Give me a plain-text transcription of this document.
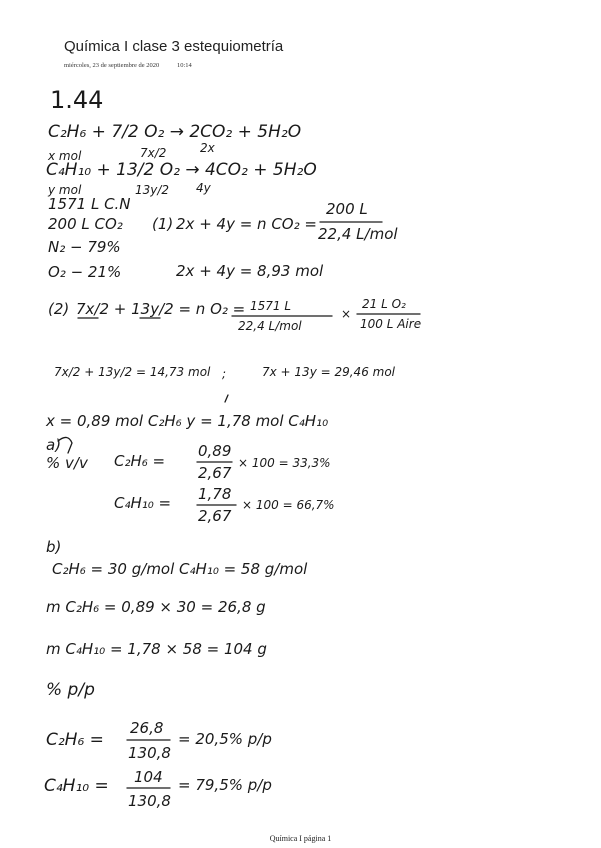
Química I clase 3 estequiometría
miércoles, 23 de septiembre de 2020	10:14
1.44
C₂H₆ + 7/2 O₂ → 2CO₂ + 5H₂O
x mol	7x/2	2x
C₄H₁₀ + 13/2 O₂ → 4CO₂ + 5H₂O
y mol	13y/2 4y
1571 L C.N
200 L CO₂ (1) 2x + 4y = n CO₂ =
200 L
22,4 L/mol
N₂ − 79%
O₂ − 21%	2x + 4y = 8,93 mol
(2) 7x/2 + 13y/2 = n O₂ = 1571 L
22,4 L/mol
×
21 L O₂
100 L Aire
7x/2 + 13y/2 = 14,73 mol ;	7x + 13y = 29,46 mol
x = 0,89 mol C₂H₆ y = 1,78 mol C₄H₁₀
a)
% v/v C₂H₆ =
0,89
2,67
× 100 = 33,3%
C₄H₁₀ = 1,78
2,67
× 100 = 66,7%
b)
C₂H₆ = 30 g/mol C₄H₁₀ = 58 g/mol
m C₂H₆ = 0,89 × 30 = 26,8 g
m C₄H₁₀ = 1,78 × 58 = 104 g
% p/p
C₂H₆ =
26,8
130,8
= 20,5% p/p
C₄H₁₀ = 104
130,8
= 79,5% p/p
Química I página 1
